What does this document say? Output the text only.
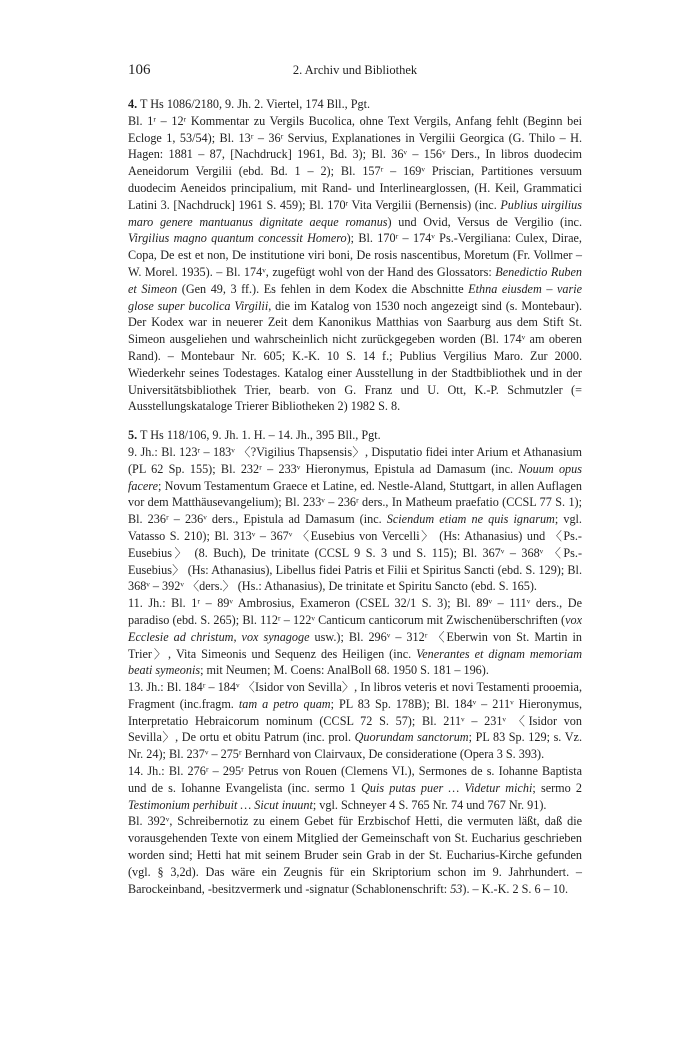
106	2. Archiv und Bibliothek

4. T Hs 1086/2180, 9. Jh. 2. Viertel, 174 Bll., Pgt.

Bl. 1ʳ – 12ʳ Kommentar zu Vergils Bucolica, ohne Text Vergils, Anfang fehlt (Beginn bei Ecloge 1, 53/54); Bl. 13ʳ – 36ʳ Servius, Explanationes in Vergilii Georgica (G. Thilo – H. Hagen: 1881 – 87, [Nachdruck] 1961, Bd. 3); Bl. 36ᵛ – 156ᵛ Ders., In libros duodecim Aeneidorum Vergilii (ebd. Bd. 1 – 2); Bl. 157ʳ – 169ᵛ Priscian, Partitiones versuum duodecim Aeneidos principalium, mit Rand- und Interlinearglossen, (H. Keil, Grammatici Latini 3. [Nachdruck] 1961 S. 459); Bl. 170ʳ Vita Vergilii (Bernensis) (inc. Publius uirgilius maro genere mantuanus dignitate aeque romanus) und Ovid, Versus de Vergilio (inc. Virgilius magno quantum concessit Homero); Bl. 170ʳ – 174ᵛ Ps.-Vergiliana: Culex, Dirae, Copa, De est et non, De institutione viri boni, De rosis nascentibus, Moretum (Fr. Vollmer – W. Morel. 1935). – Bl. 174ᵛ, zugefügt wohl von der Hand des Glossators: Benedictio Ruben et Simeon (Gen 49, 3 ff.). Es fehlen in dem Kodex die Abschnitte Ethna eiusdem – varie glose super bucolica Virgilii, die im Katalog von 1530 noch angezeigt sind (s. Montebaur). Der Kodex war in neuerer Zeit dem Kanonikus Matthias von Saarburg aus dem Stift St. Simeon ausgeliehen und wahrscheinlich nicht zurückgegeben worden (Bl. 174ᵛ am oberen Rand). – Montebaur Nr. 605; K.-K. 10 S. 14 f.; Publius Vergilius Maro. Zur 2000. Wiederkehr seines Todestages. Katalog einer Ausstellung in der Stadtbibliothek und in der Universitätsbibliothek Trier, bearb. von G. Franz und U. Ott, K.-P. Schmutzler (= Ausstellungskataloge Trierer Bibliotheken 2) 1982 S. 8.

5. T Hs 118/106, 9. Jh. 1. H. – 14. Jh., 395 Bll., Pgt.

9. Jh.: Bl. 123ʳ – 183ᵛ 〈?Vigilius Thapsensis〉, Disputatio fidei inter Arium et Athanasium (PL 62 Sp. 155); Bl. 232ʳ – 233ᵛ Hieronymus, Epistula ad Damasum (inc. Nouum opus facere; Novum Testamentum Graece et Latine, ed. Nestle-Aland, Stuttgart, in allen Auflagen vor dem Matthäusevangelium); Bl. 233ᵛ – 236ʳ ders., In Matheum praefatio (CCSL 77 S. 1); Bl. 236ʳ – 236ᵛ ders., Epistula ad Damasum (inc. Sciendum etiam ne quis ignarum; vgl. Vatasso S. 210); Bl. 313ᵛ – 367ᵛ 〈Eusebius von Vercelli〉 (Hs: Athanasius) und 〈Ps.-Eusebius〉 (8. Buch), De trinitate (CCSL 9 S. 3 und S. 115); Bl. 367ᵛ – 368ᵛ 〈Ps.-Eusebius〉 (Hs: Athanasius), Libellus fidei Patris et Filii et Spiritus Sancti (ebd. S. 129); Bl. 368ᵛ – 392ᵛ 〈ders.〉 (Hs.: Athanasius), De trinitate et Spiritu Sancto (ebd. S. 165).

11. Jh.: Bl. 1ʳ – 89ᵛ Ambrosius, Exameron (CSEL 32/1 S. 3); Bl. 89ᵛ – 111ᵛ ders., De paradiso (ebd. S. 265); Bl. 112ʳ – 122ᵛ Canticum canticorum mit Zwischenüberschriften (vox Ecclesie ad christum, vox synagoge usw.); Bl. 296ᵛ – 312ʳ 〈Eberwin von St. Martin in Trier〉, Vita Simeonis und Sequenz des Heiligen (inc. Venerantes et dignam memoriam beati symeonis; mit Neumen; M. Coens: AnalBoll 68. 1950 S. 181 – 196).

13. Jh.: Bl. 184ʳ – 184ᵛ 〈Isidor von Sevilla〉, In libros veteris et novi Testamenti prooemia, Fragment (inc.fragm. tam a petro quam; PL 83 Sp. 178B); Bl. 184ᵛ – 211ᵛ Hieronymus, Interpretatio Hebraicorum nominum (CCSL 72 S. 57); Bl. 211ᵛ – 231ᵛ 〈Isidor von Sevilla〉, De ortu et obitu Patrum (inc. prol. Quorundam sanctorum; PL 83 Sp. 129; s. Vz. Nr. 24); Bl. 237ᵛ – 275ʳ Bernhard von Clairvaux, De consideratione (Opera 3 S. 393).

14. Jh.: Bl. 276ʳ – 295ʳ Petrus von Rouen (Clemens VI.), Sermones de s. Iohanne Baptista und de s. Iohanne Evangelista (inc. sermo 1 Quis putas puer … Videtur michi; sermo 2 Testimonium perhibuit … Sicut inuunt; vgl. Schneyer 4 S. 765 Nr. 74 und 767 Nr. 91).

Bl. 392ᵛ, Schreibernotiz zu einem Gebet für Erzbischof Hetti, die vermuten läßt, daß die vorausgehenden Texte von einem Mitglied der Gemeinschaft von St. Eucharius geschrieben worden sind; Hetti hat mit seinem Bruder sein Grab in der St. Eucharius-Kirche gefunden (vgl. § 3,2d). Das wäre ein Zeugnis für ein Skriptorium schon im 9. Jahrhundert. – Barockeinband, -besitzvermerk und -signatur (Schablonenschrift: 53). – K.-K. 2 S. 6 – 10.
